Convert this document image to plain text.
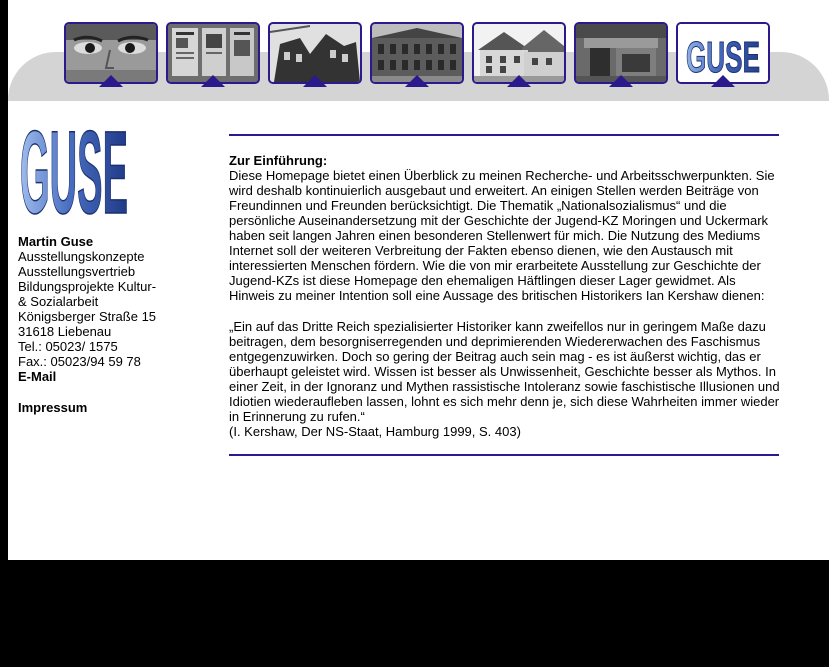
GUSE
GUSE
Martin Guse
Ausstellungskonzepte
Ausstellungsvertrieb
Bildungsprojekte Kultur-
& Sozialarbeit
Königsberger Straße 15
31618 Liebenau
Tel.: 05023/ 1575
Fax.: 05023/94 59 78
E-Mail
Impressum
Zur Einführung:
Diese Homepage bietet einen Überblick zu meinen Recherche- und Arbeitsschwerpunkten. Sie wird deshalb kontinuierlich ausgebaut und erweitert. An einigen Stellen werden Beiträge von Freundinnen und Freunden berücksichtigt. Die Thematik „Nationalsozialismus“ und die persönliche Auseinandersetzung mit der Geschichte der Jugend-KZ Moringen und Uckermark haben seit langen Jahren einen besonderen Stellenwert für mich. Die Nutzung des Mediums Internet soll der weiteren Verbreitung der Fakten ebenso dienen, wie den Austausch mit interessierten Menschen fördern. Wie die von mir erarbeitete Ausstellung zur Geschichte der Jugend-KZs ist diese Homepage den ehemaligen Häftlingen dieser Lager gewidmet. Als Hinweis zu meiner Intention soll eine Aussage des britischen Historikers Ian Kershaw dienen:
„Ein auf das Dritte Reich spezialisierter Historiker kann zweifellos nur in geringem Maße dazu beitragen, dem besorgniserregenden und deprimierenden Wiedererwachen des Faschismus entgegenzuwirken. Doch so gering der Beitrag auch sein mag - es ist äußerst wichtig, das er überhaupt geleistet wird. Wissen ist besser als Unwissenheit, Geschichte besser als Mythos. In einer Zeit, in der Ignoranz und Mythen rassistische Intoleranz sowie faschistische Illusionen und Idiotien wiederaufleben lassen, lohnt es sich mehr denn je, sich diese Wahrheiten immer wieder in Erinnerung zu rufen.“
(I. Kershaw, Der NS-Staat, Hamburg 1999, S. 403)
